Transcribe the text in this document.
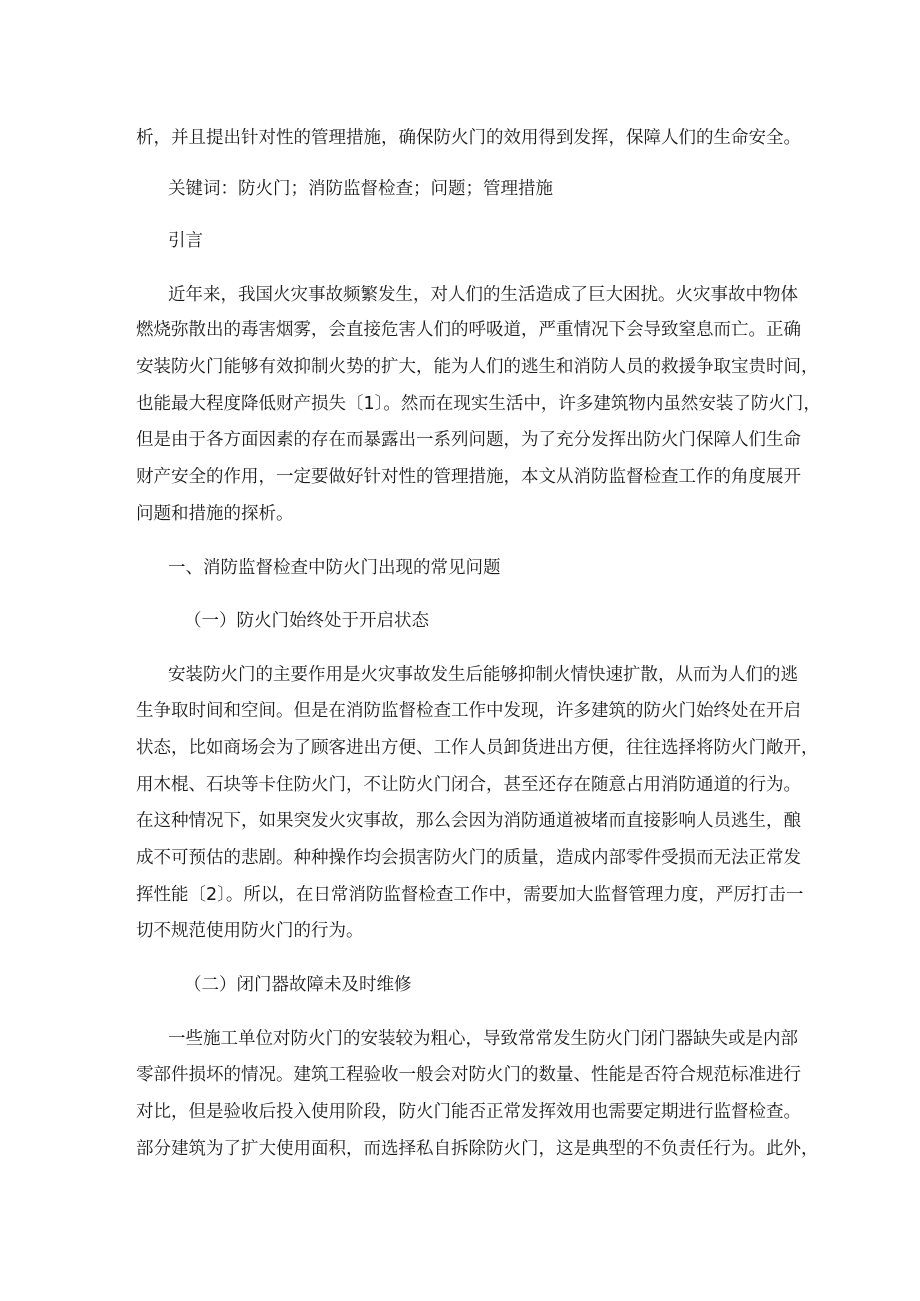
析，并且提出针对性的管理措施，确保防火门的效用得到发挥，保障人们的生命安全。
关键词：防火门；消防监督检查；问题；管理措施
引言
近年来，我国火灾事故频繁发生，对人们的生活造成了巨大困扰。火灾事故中物体
燃烧弥散出的毒害烟雾，会直接危害人们的呼吸道，严重情况下会导致窒息而亡。正确
安装防火门能够有效抑制火势的扩大，能为人们的逃生和消防人员的救援争取宝贵时间，
也能最大程度降低财产损失〔1〕。然而在现实生活中，许多建筑物内虽然安装了防火门，
但是由于各方面因素的存在而暴露出一系列问题，为了充分发挥出防火门保障人们生命
财产安全的作用，一定要做好针对性的管理措施，本文从消防监督检查工作的角度展开
问题和措施的探析。
一、消防监督检查中防火门出现的常见问题
（一）防火门始终处于开启状态
安装防火门的主要作用是火灾事故发生后能够抑制火情快速扩散，从而为人们的逃
生争取时间和空间。但是在消防监督检查工作中发现，许多建筑的防火门始终处在开启
状态，比如商场会为了顾客进出方便、工作人员卸货进出方便，往往选择将防火门敞开，
用木棍、石块等卡住防火门，不让防火门闭合，甚至还存在随意占用消防通道的行为。
在这种情况下，如果突发火灾事故，那么会因为消防通道被堵而直接影响人员逃生，酿
成不可预估的悲剧。种种操作均会损害防火门的质量，造成内部零件受损而无法正常发
挥性能〔2〕。所以，在日常消防监督检查工作中，需要加大监督管理力度，严厉打击一
切不规范使用防火门的行为。
（二）闭门器故障未及时维修
一些施工单位对防火门的安装较为粗心，导致常常发生防火门闭门器缺失或是内部
零部件损坏的情况。建筑工程验收一般会对防火门的数量、性能是否符合规范标准进行
对比，但是验收后投入使用阶段，防火门能否正常发挥效用也需要定期进行监督检查。
部分建筑为了扩大使用面积，而选择私自拆除防火门，这是典型的不负责任行为。此外，
